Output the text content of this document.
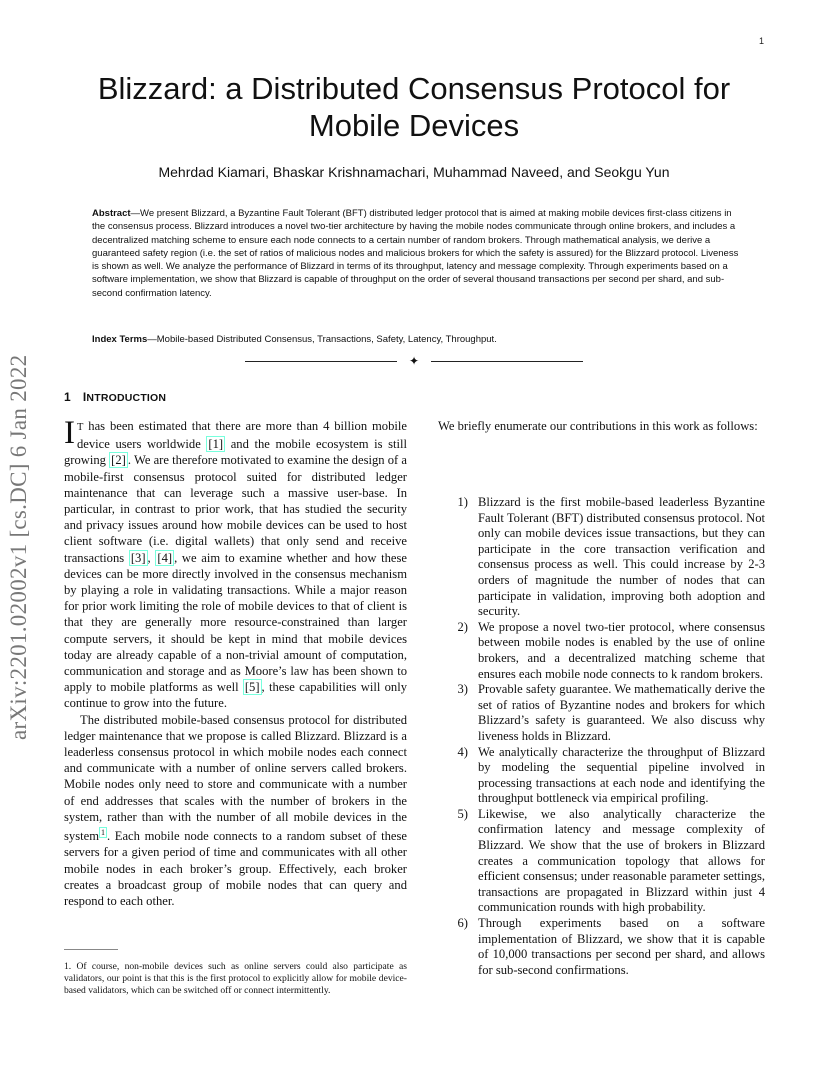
1
arXiv:2201.02002v1 [cs.DC] 6 Jan 2022
Blizzard: a Distributed Consensus Protocol for Mobile Devices
Mehrdad Kiamari, Bhaskar Krishnamachari, Muhammad Naveed, and Seokgu Yun
Abstract—We present Blizzard, a Byzantine Fault Tolerant (BFT) distributed ledger protocol that is aimed at making mobile devices first-class citizens in the consensus process. Blizzard introduces a novel two-tier architecture by having the mobile nodes communicate through online brokers, and includes a decentralized matching scheme to ensure each node connects to a certain number of random brokers. Through mathematical analysis, we derive a guaranteed safety region (i.e. the set of ratios of malicious nodes and malicious brokers for which the safety is assured) for the Blizzard protocol. Liveness is shown as well. We analyze the performance of Blizzard in terms of its throughput, latency and message complexity. Through experiments based on a software implementation, we show that Blizzard is capable of throughput on the order of several thousand transactions per second per shard, and sub-second confirmation latency.
Index Terms—Mobile-based Distributed Consensus, Transactions, Safety, Latency, Throughput.
✦
1 INTRODUCTION

I T has been estimated that there are more than 4 billion mobile device users worldwide [1] and the mobile ecosystem is still growing [2] . We are therefore motivated to examine the design of a mobile-first consensus protocol suited for distributed ledger maintenance that can leverage such a massive user-base. In particular, in contrast to prior work, that has studied the security and privacy issues around how mobile devices can be used to host client software (i.e. digital wallets) that only send and receive transactions [3] , [4] , we aim to examine whether and how these devices can be more directly involved in the consensus mechanism by playing a role in validating transactions. While a major reason for prior work limiting the role of mobile devices to that of client is that they are generally more resource-constrained than larger compute servers, it should be kept in mind that mobile devices today are already capable of a non-trivial amount of computation, communication and storage and as Moore’s law has been shown to apply to mobile platforms as well [5] , these capabilities will only continue to grow into the future.

The distributed mobile-based consensus protocol for distributed ledger maintenance that we propose is called Blizzard. Blizzard is a leaderless consensus protocol in which mobile nodes each connect and communicate with a number of online servers called brokers. Mobile nodes only need to store and communicate with a number of end addresses that scales with the number of brokers in the system, rather than with the number of all mobile devices in the system $^1$ . Each mobile node connects to a random subset of these servers for a given period of time and communicates with all other mobile nodes in each broker’s group. Effectively, each broker creates a broadcast group of mobile nodes that can query and respond to each other.

1. Of course, non-mobile devices such as online servers could also participate as validators, our point is that this is the first protocol to explicitly allow for mobile device-based validators, which can be switched off or connect intermittently.

We briefly enumerate our contributions in this work as follows:

1) Blizzard is the first mobile-based leaderless Byzantine Fault Tolerant (BFT) distributed consensus protocol. Not only can mobile devices issue transactions, but they can participate in the core transaction verification and consensus process as well. This could increase by 2-3 orders of magnitude the number of nodes that can participate in validation, improving both adoption and security.
2) We propose a novel two-tier protocol, where consensus between mobile nodes is enabled by the use of online brokers, and a decentralized matching scheme that ensures each mobile node connects to k random brokers.
3) Provable safety guarantee. We mathematically derive the set of ratios of Byzantine nodes and brokers for which Blizzard’s safety is guaranteed. We also discuss why liveness holds in Blizzard.
4) We analytically characterize the throughput of Blizzard by modeling the sequential pipeline involved in processing transactions at each node and identifying the throughput bottleneck via empirical profiling.
5) Likewise, we also analytically characterize the confirmation latency and message complexity of Blizzard. We show that the use of brokers in Blizzard creates a communication topology that allows for efficient consensus; under reasonable parameter settings, transactions are propagated in Blizzard within just 4 communication rounds with high probability.
6) Through experiments based on a software implementation of Blizzard, we show that it is capable of 10,000 transactions per second per shard, and allows for sub-second confirmations.
